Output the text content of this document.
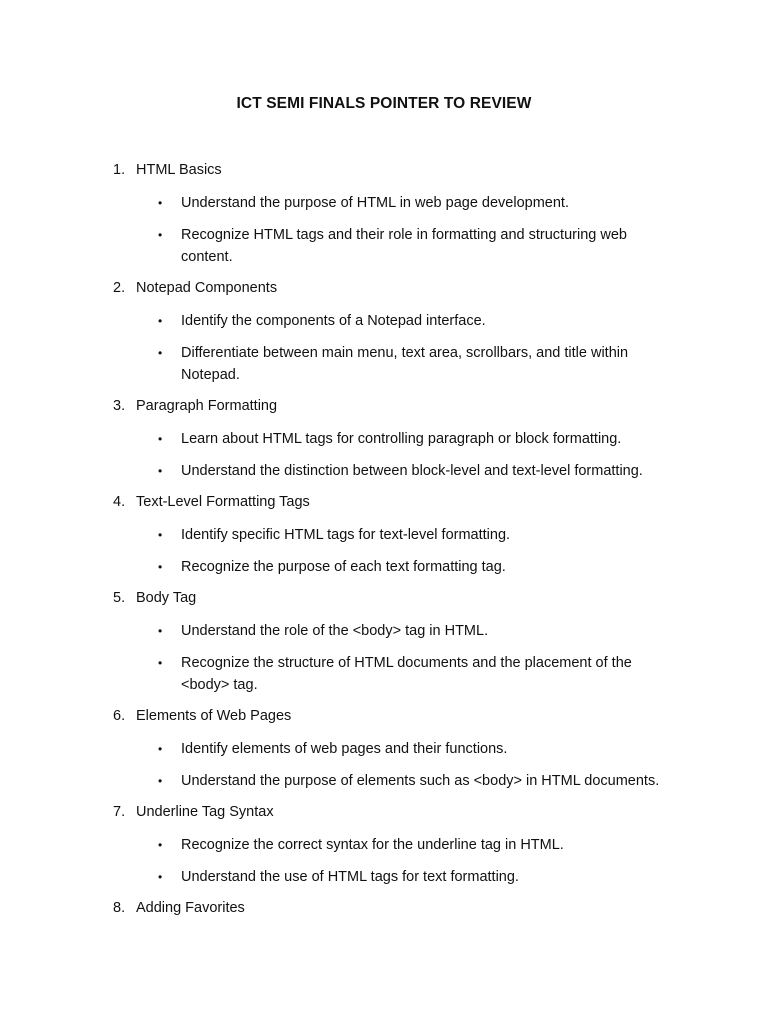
ICT SEMI FINALS POINTER TO REVIEW
1. HTML Basics
• Understand the purpose of HTML in web page development.
• Recognize HTML tags and their role in formatting and structuring web content.
2. Notepad Components
• Identify the components of a Notepad interface.
• Differentiate between main menu, text area, scrollbars, and title within Notepad.
3. Paragraph Formatting
• Learn about HTML tags for controlling paragraph or block formatting.
• Understand the distinction between block-level and text-level formatting.
4. Text-Level Formatting Tags
• Identify specific HTML tags for text-level formatting.
• Recognize the purpose of each text formatting tag.
5. Body Tag
• Understand the role of the <body> tag in HTML.
• Recognize the structure of HTML documents and the placement of the <body> tag.
6. Elements of Web Pages
• Identify elements of web pages and their functions.
• Understand the purpose of elements such as <body> in HTML documents.
7. Underline Tag Syntax
• Recognize the correct syntax for the underline tag in HTML.
• Understand the use of HTML tags for text formatting.
8. Adding Favorites
